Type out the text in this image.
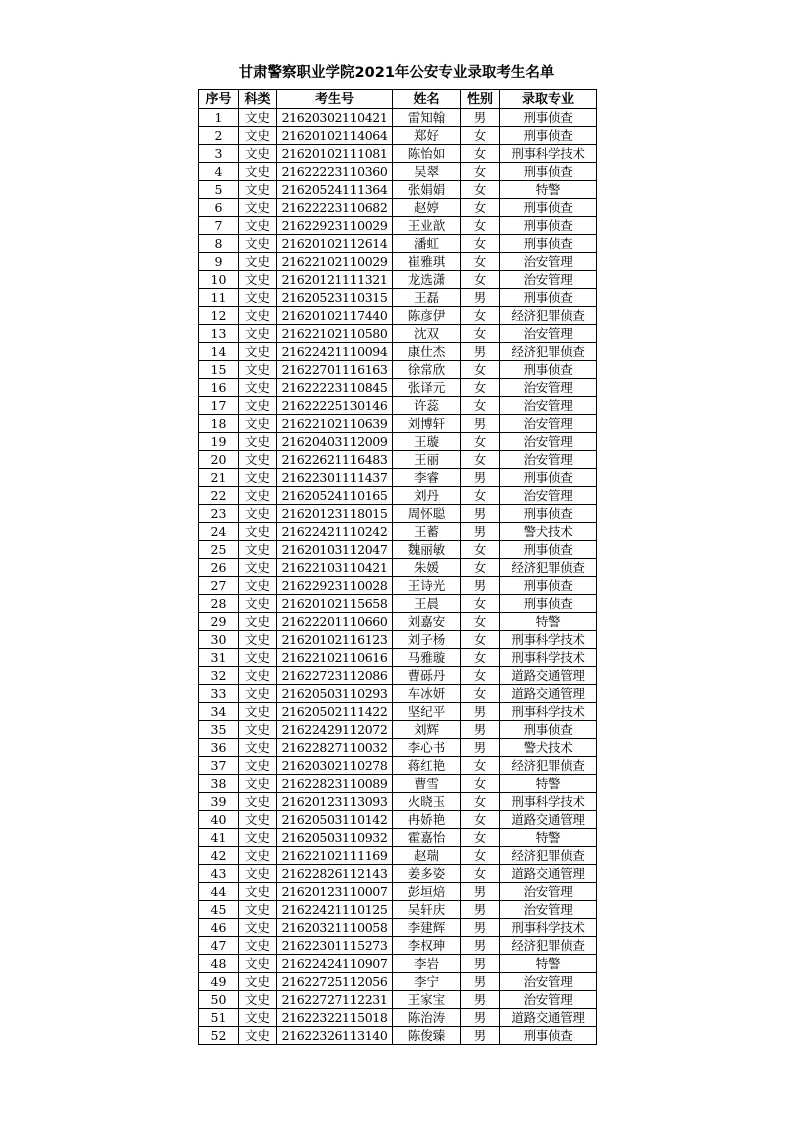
甘肃警察职业学院2021年公安专业录取考生名单
序号	科类	考生号	姓名	性别	录取专业
1	文史	21620302110421	雷知翰	男	刑事侦查
2	文史	21620102114064	郑好	女	刑事侦查
3	文史	21620102111081	陈怡如	女	刑事科学技术
4	文史	21622223110360	吴翠	女	刑事侦查
5	文史	21620524111364	张娟娟	女	特警
6	文史	21622223110682	赵婷	女	刑事侦查
7	文史	21622923110029	王业歆	女	刑事侦查
8	文史	21620102112614	潘虹	女	刑事侦查
9	文史	21622102110029	崔雅琪	女	治安管理
10	文史	21620121111321	龙选潇	女	治安管理
11	文史	21620523110315	王磊	男	刑事侦查
12	文史	21620102117440	陈彦伊	女	经济犯罪侦查
13	文史	21622102110580	沈双	女	治安管理
14	文史	21622421110094	康仕杰	男	经济犯罪侦查
15	文史	21622701116163	徐常欣	女	刑事侦查
16	文史	21622223110845	张译元	女	治安管理
17	文史	21622225130146	许蕊	女	治安管理
18	文史	21622102110639	刘博轩	男	治安管理
19	文史	21620403112009	王璇	女	治安管理
20	文史	21622621116483	王丽	女	治安管理
21	文史	21622301111437	李睿	男	刑事侦查
22	文史	21620524110165	刘丹	女	治安管理
23	文史	21620123118015	周怀聪	男	刑事侦查
24	文史	21622421110242	王蓄	男	警犬技术
25	文史	21620103112047	魏丽敏	女	刑事侦查
26	文史	21622103110421	朱媛	女	经济犯罪侦查
27	文史	21622923110028	王诗光	男	刑事侦查
28	文史	21620102115658	王晨	女	刑事侦查
29	文史	21622201110660	刘嘉安	女	特警
30	文史	21620102116123	刘子杨	女	刑事科学技术
31	文史	21622102110616	马雅璇	女	刑事科学技术
32	文史	21622723112086	曹砾丹	女	道路交通管理
33	文史	21620503110293	车冰妍	女	道路交通管理
34	文史	21620502111422	坚纪平	男	刑事科学技术
35	文史	21622429112072	刘辉	男	刑事侦查
36	文史	21622827110032	李心书	男	警犬技术
37	文史	21620302110278	蒋红艳	女	经济犯罪侦查
38	文史	21622823110089	曹雪	女	特警
39	文史	21620123113093	火晓玉	女	刑事科学技术
40	文史	21620503110142	冉娇艳	女	道路交通管理
41	文史	21620503110932	霍嘉怡	女	特警
42	文史	21622102111169	赵瑞	女	经济犯罪侦查
43	文史	21622826112143	姜多姿	女	道路交通管理
44	文史	21620123110007	彭垣焙	男	治安管理
45	文史	21622421110125	吴轩庆	男	治安管理
46	文史	21620321110058	李建辉	男	刑事科学技术
47	文史	21622301115273	李权珅	男	经济犯罪侦查
48	文史	21622424110907	李岩	男	特警
49	文史	21622725112056	李宁	男	治安管理
50	文史	21622727112231	王家宝	男	治安管理
51	文史	21622322115018	陈治涛	男	道路交通管理
52	文史	21622326113140	陈俊臻	男	刑事侦查
